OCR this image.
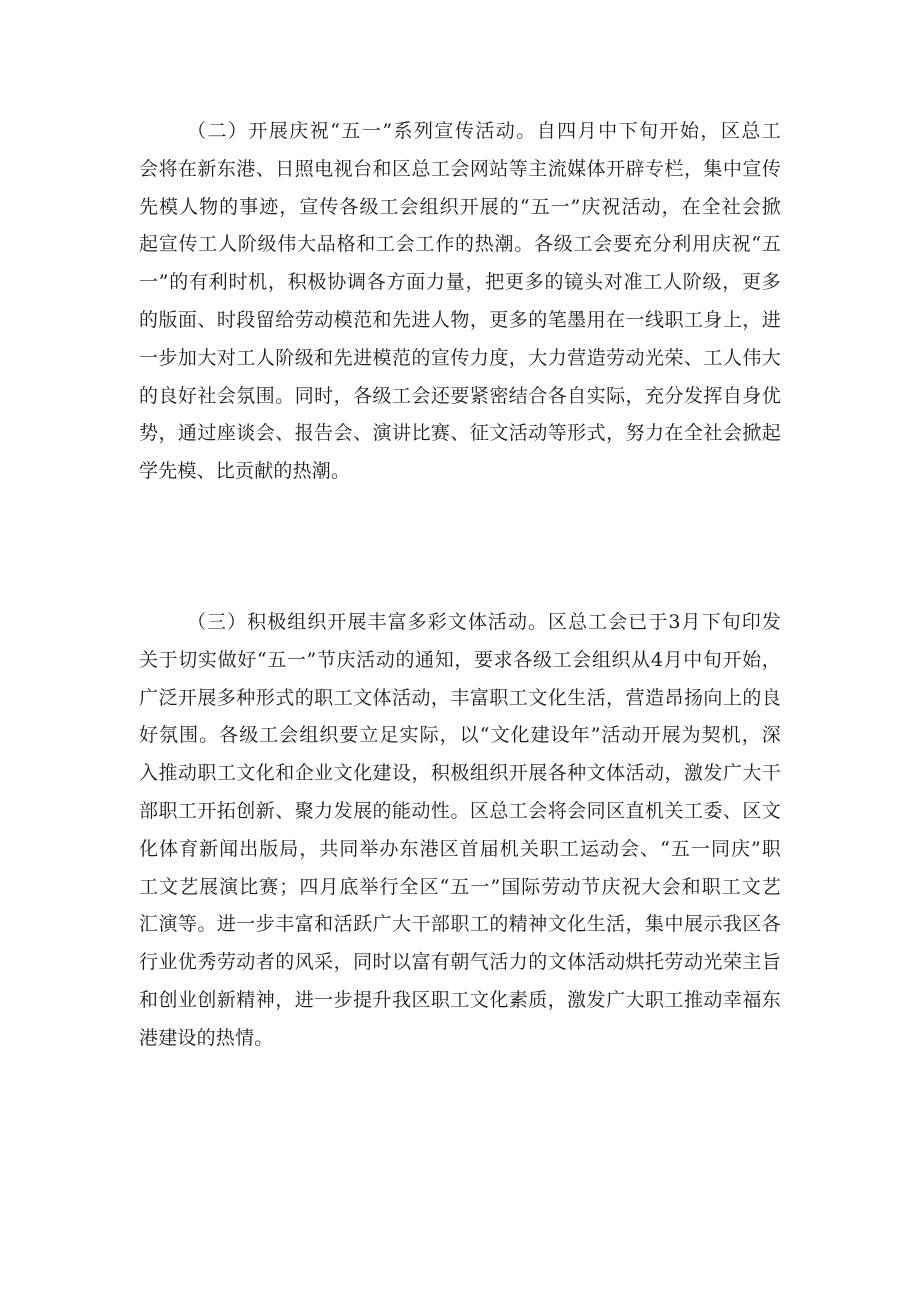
（二）开展庆祝“五一”系列宣传活动。自四月中下旬开始，区总工
会将在新东港、日照电视台和区总工会网站等主流媒体开辟专栏，集中宣传
先模人物的事迹，宣传各级工会组织开展的“五一”庆祝活动，在全社会掀
起宣传工人阶级伟大品格和工会工作的热潮。各级工会要充分利用庆祝“五
一”的有利时机，积极协调各方面力量，把更多的镜头对准工人阶级，更多
的版面、时段留给劳动模范和先进人物，更多的笔墨用在一线职工身上，进
一步加大对工人阶级和先进模范的宣传力度，大力营造劳动光荣、工人伟大
的良好社会氛围。同时，各级工会还要紧密结合各自实际，充分发挥自身优
势，通过座谈会、报告会、演讲比赛、征文活动等形式，努力在全社会掀起
学先模、比贡献的热潮。
（三）积极组织开展丰富多彩文体活动。区总工会已于3月下旬印发
关于切实做好“五一”节庆活动的通知，要求各级工会组织从4月中旬开始，
广泛开展多种形式的职工文体活动，丰富职工文化生活，营造昂扬向上的良
好氛围。各级工会组织要立足实际，以“文化建设年”活动开展为契机，深
入推动职工文化和企业文化建设，积极组织开展各种文体活动，激发广大干
部职工开拓创新、聚力发展的能动性。区总工会将会同区直机关工委、区文
化体育新闻出版局，共同举办东港区首届机关职工运动会、“五一同庆”职
工文艺展演比赛；四月底举行全区“五一”国际劳动节庆祝大会和职工文艺
汇演等。进一步丰富和活跃广大干部职工的精神文化生活，集中展示我区各
行业优秀劳动者的风采，同时以富有朝气活力的文体活动烘托劳动光荣主旨
和创业创新精神，进一步提升我区职工文化素质，激发广大职工推动幸福东
港建设的热情。
